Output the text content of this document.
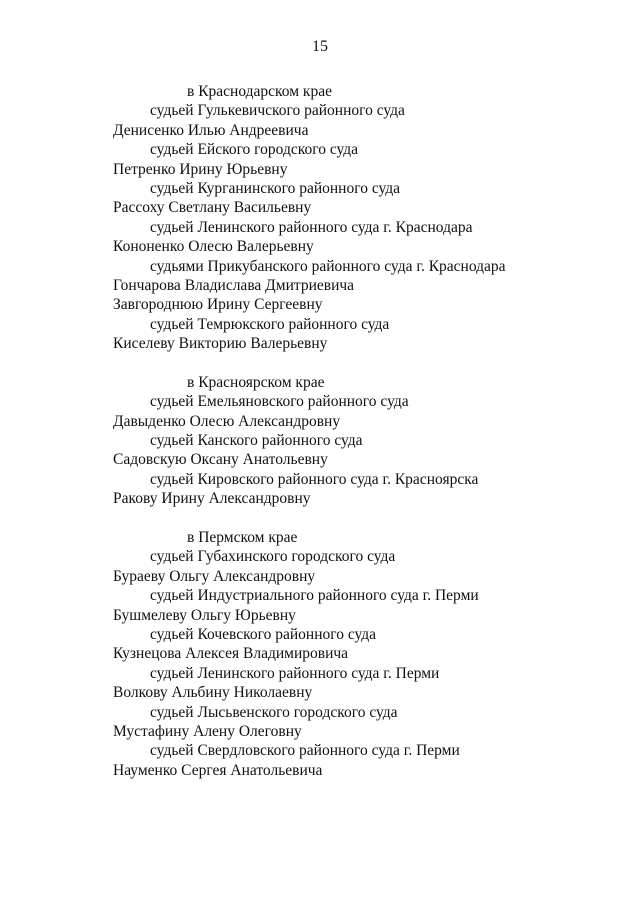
15
в Краснодарском крае
судьей Гулькевичского районного суда
Денисенко Илью Андреевича
судьей Ейского городского суда
Петренко Ирину Юрьевну
судьей Курганинского районного суда
Рассоху Светлану Васильевну
судьей Ленинского районного суда г. Краснодара
Кононенко Олесю Валерьевну
судьями Прикубанского районного суда г. Краснодара
Гончарова Владислава Дмитриевича
Завгороднюю Ирину Сергеевну
судьей Темрюкского районного суда
Киселеву Викторию Валерьевну
в Красноярском крае
судьей Емельяновского районного суда
Давыденко Олесю Александровну
судьей Канского районного суда
Садовскую Оксану Анатольевну
судьей Кировского районного суда г. Красноярска
Ракову Ирину Александровну
в Пермском крае
судьей Губахинского городского суда
Бураеву Ольгу Александровну
судьей Индустриального районного суда г. Перми
Бушмелеву Ольгу Юрьевну
судьей Кочевского районного суда
Кузнецова Алексея Владимировича
судьей Ленинского районного суда г. Перми
Волкову Альбину Николаевну
судьей Лысьвенского городского суда
Мустафину Алену Олеговну
судьей Свердловского районного суда г. Перми
Науменко Сергея Анатольевича
